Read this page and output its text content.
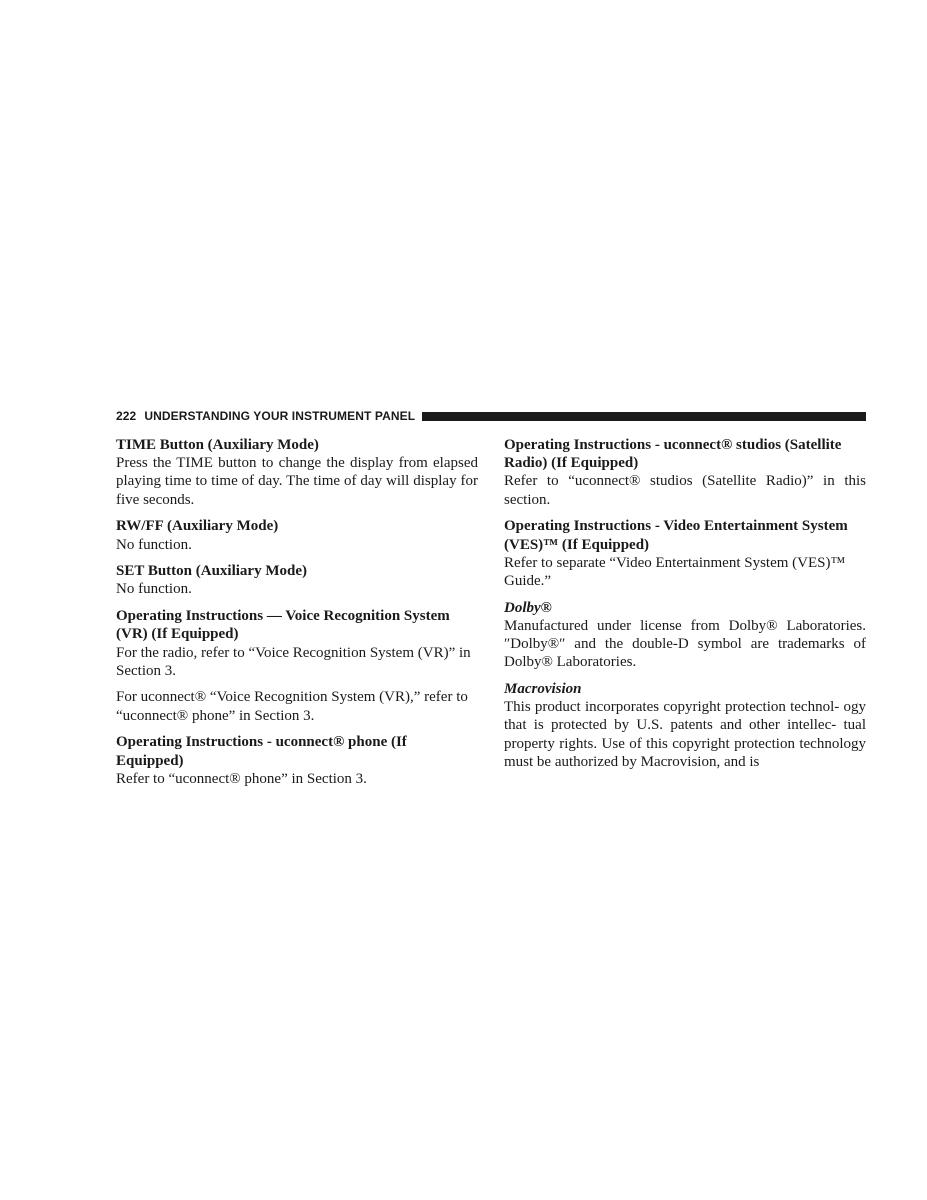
222 UNDERSTANDING YOUR INSTRUMENT PANEL

TIME Button (Auxiliary Mode)

Press the TIME button to change the display from elapsed playing time to time of day. The time of day will display for five seconds.

RW/FF (Auxiliary Mode)

No function.

SET Button (Auxiliary Mode)

No function.

Operating Instructions — Voice Recognition System (VR) (If Equipped)

For the radio, refer to “Voice Recognition System (VR)” in Section 3.

For uconnect® “Voice Recognition System (VR),” refer to “uconnect® phone” in Section 3.

Operating Instructions - uconnect® phone (If Equipped)

Refer to “uconnect® phone” in Section 3.

Operating Instructions - uconnect® studios (Satellite Radio) (If Equipped)

Refer to “uconnect® studios (Satellite Radio)” in this section.

Operating Instructions - Video Entertainment System (VES)™ (If Equipped)

Refer to separate “Video Entertainment System (VES)™ Guide.”

Dolby®

Manufactured under license from Dolby® Laboratories. ″Dolby®″ and the double-D symbol are trademarks of Dolby® Laboratories.

Macrovision

This product incorporates copyright protection technol- ogy that is protected by U.S. patents and other intellec- tual property rights. Use of this copyright protection technology must be authorized by Macrovision, and is
